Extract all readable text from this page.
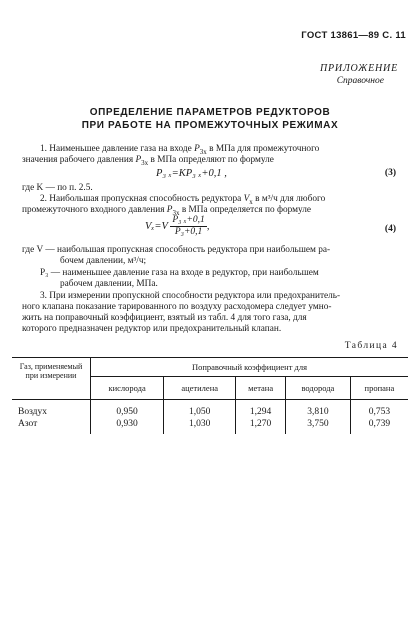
ГОСТ 13861—89 С. 11
ПРИЛОЖЕНИЕ
Справочное
ОПРЕДЕЛЕНИЕ ПАРАМЕТРОВ РЕДУКТОРОВ
ПРИ РАБОТЕ НА ПРОМЕЖУТОЧНЫХ РЕЖИМАХ
1. Наименьшее давление газа на входе $P_{3х}$ в МПа для промежуточного
значения рабочего давления $P_{3х}$ в МПа определяют по формуле
P₃ ₓ=KP₃ ₓ+0,1 ,	(3)
где K — по п. 2.5.
2. Наибольшая пропускная способность редуктора $V_х$ в м³/ч для любого
промежуточного входного давления $P_{3х}$ в МПа определяется по формуле
$V_x=V \frac{\text{P₃ ₓ+0,1}}{\text{P₃+0,1}}$ ,	(4)
где V — наибольшая пропускная способность редуктора при наибольшем ра-
бочем давлении, м³/ч;
P₃ — наименьшее давление газа на входе в редуктор, при наибольшем
рабочем давлении, МПа.
3. При измерении пропускной способности редуктора или предохранитель-
ного клапана показание тарированного по воздуху расходомера следует умно-
жить на поправочный коэффициент, взятый из табл. 4 для того газа, для
которого предназначен редуктор или предохранительный клапан.
Таблица 4
Газ, применяемый
при измерении	Поправочный коэффициент для				
	кислорода	ацетилена	метана	водорода	пропана
Воздух	0,950	1,050	1,294	3,810	0,753
Азот	0,930	1,030	1,270	3,750	0,739
